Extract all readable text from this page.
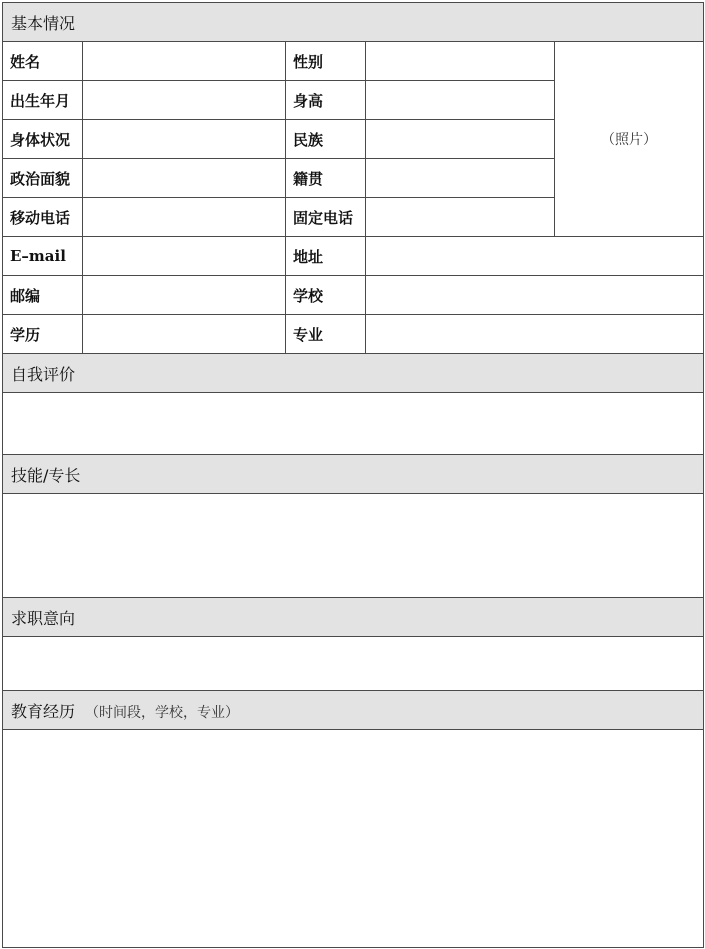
基本情况				
姓名		性别		（照片）
出生年月		身高		
身体状况		民族		
政治面貌		籍贯		
移动电话		固定电话		
E–mail		地址		
邮编		学校		
学历		专业		
自我评价				

技能/专长				

求职意向				

教育经历 （时间段，学校，专业）				
